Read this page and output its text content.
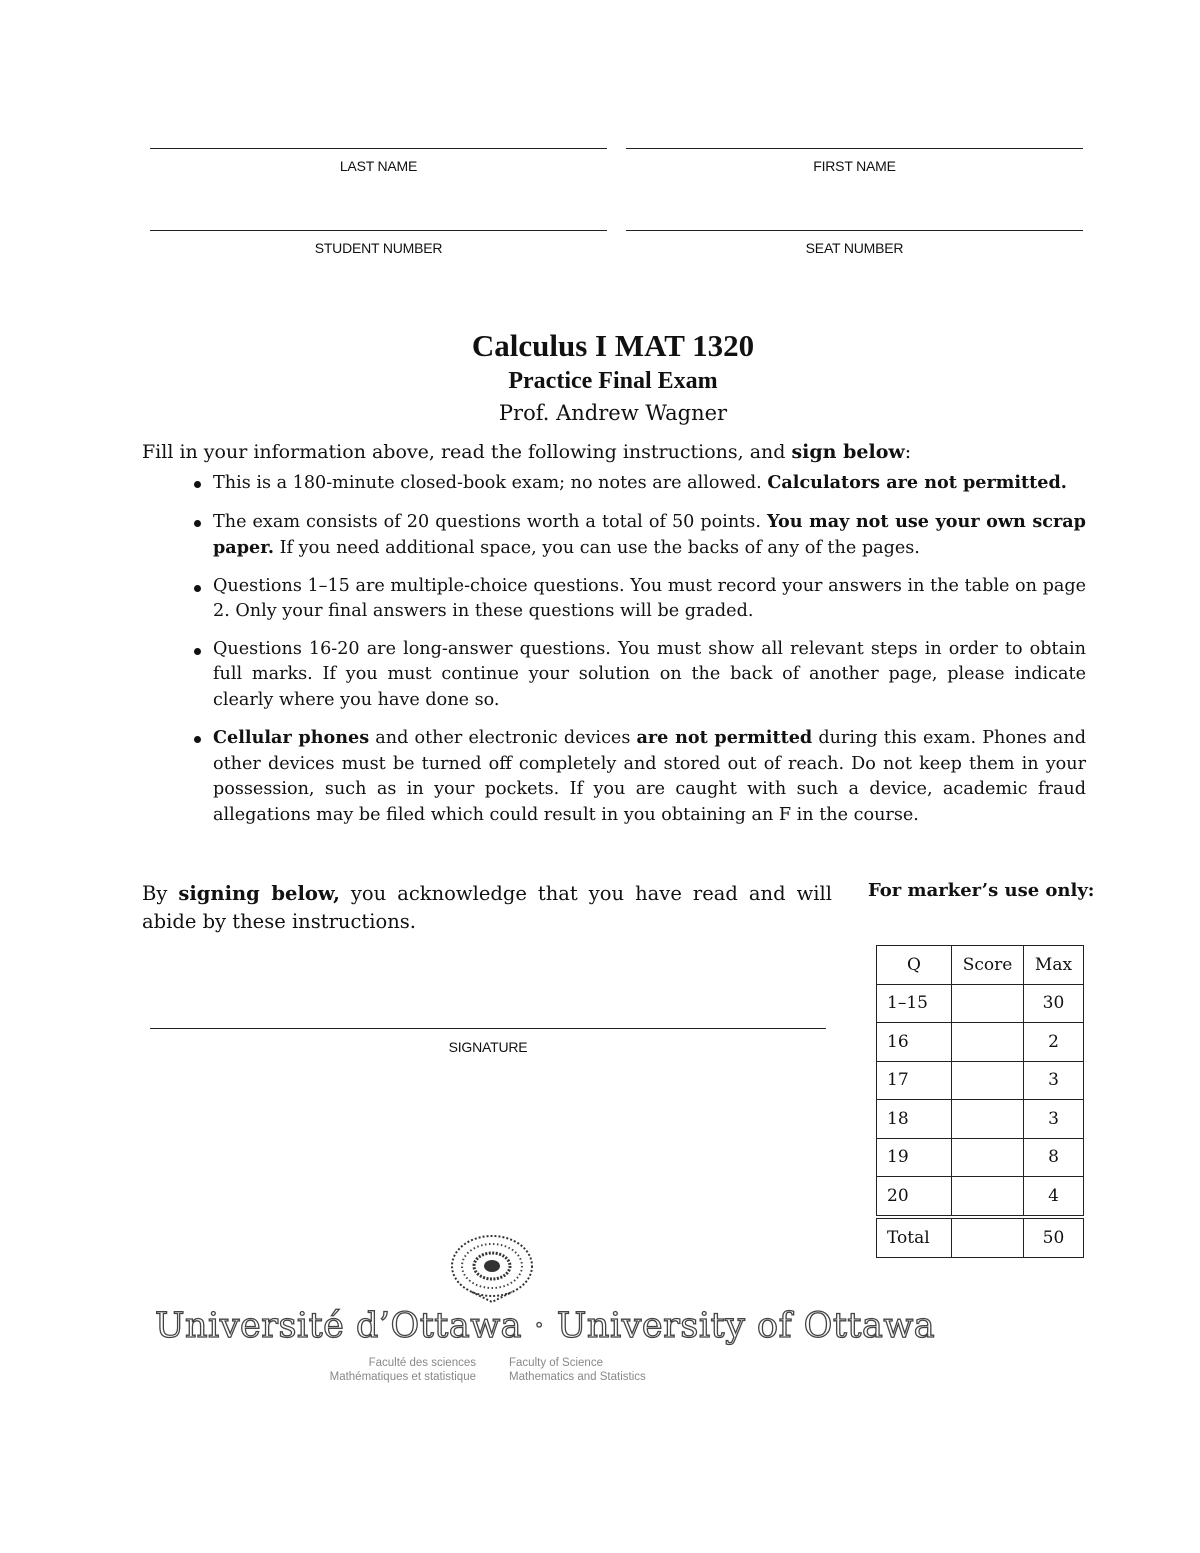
LAST NAME	FIRST NAME
STUDENT NUMBER	SEAT NUMBER
Calculus I MAT 1320
Practice Final Exam
Prof. Andrew Wagner
Fill in your information above, read the following instructions, and sign below:
This is a 180-minute closed-book exam; no notes are allowed. Calculators are not permitted.
The exam consists of 20 questions worth a total of 50 points. You may not use your own scrap paper. If you need additional space, you can use the backs of any of the pages.
Questions 1–15 are multiple-choice questions. You must record your answers in the table on page 2. Only your final answers in these questions will be graded.
Questions 16-20 are long-answer questions. You must show all relevant steps in order to obtain full marks. If you must continue your solution on the back of another page, please indicate clearly where you have done so.
Cellular phones and other electronic devices are not permitted during this exam. Phones and other devices must be turned off completely and stored out of reach. Do not keep them in your possession, such as in your pockets. If you are caught with such a device, academic fraud allegations may be filed which could result in you obtaining an F in the course.
By signing below, you acknowledge that you have read and will abide by these instructions.
SIGNATURE
For marker’s use only:
Q	Score	Max
1–15		30
16		2
17		3
18		3
19		8
20		4
Total		50
Université d’Ottawa · University of Ottawa
Faculté des sciences
Mathématiques et statistique
Faculty of Science
Mathematics and Statistics
